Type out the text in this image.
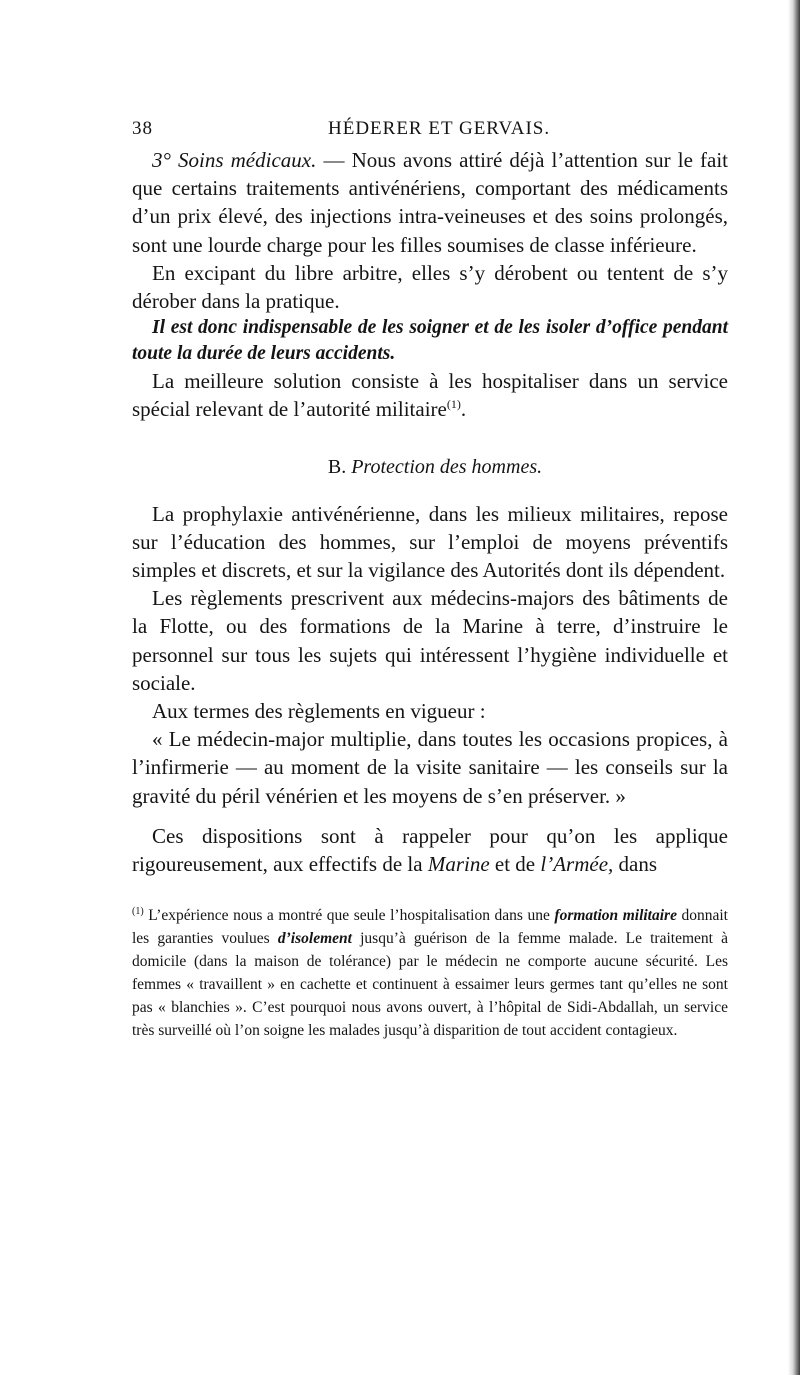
38	HÉDERER ET GERVAIS.

3° Soins médicaux. — Nous avons attiré déjà l’attention sur le fait que certains traitements antivénériens, comportant des médicaments d’un prix élevé, des injections intra-veineuses et des soins prolongés, sont une lourde charge pour les filles soumises de classe inférieure.

En excipant du libre arbitre, elles s’y dérobent ou tentent de s’y dérober dans la pratique.

Il est donc indispensable de les soigner et de les isoler d’office pendant toute la durée de leurs accidents.

La meilleure solution consiste à les hospitaliser dans un service spécial relevant de l’autorité militaire$^{(1)}$.

B. Protection des hommes.

La prophylaxie antivénérienne, dans les milieux militaires, repose sur l’éducation des hommes, sur l’emploi de moyens préventifs simples et discrets, et sur la vigilance des Autorités dont ils dépendent.

Les règlements prescrivent aux médecins-majors des bâtiments de la Flotte, ou des formations de la Marine à terre, d’instruire le personnel sur tous les sujets qui intéressent l’hygiène individuelle et sociale.

Aux termes des règlements en vigueur :

« Le médecin-major multiplie, dans toutes les occasions propices, à l’infirmerie — au moment de la visite sanitaire — les conseils sur la gravité du péril vénérien et les moyens de s’en préserver. »

Ces dispositions sont à rappeler pour qu’on les applique rigoureusement, aux effectifs de la Marine et de l’Armée, dans

$^{(1)}$ L’expérience nous a montré que seule l’hospitalisation dans une formation militaire donnait les garanties voulues d’isolement jusqu’à guérison de la femme malade. Le traitement à domicile (dans la maison de tolérance) par le médecin ne comporte aucune sécurité. Les femmes « travaillent » en cachette et continuent à essaimer leurs germes tant qu’elles ne sont pas « blanchies ». C’est pourquoi nous avons ouvert, à l’hôpital de Sidi-Abdallah, un service très surveillé où l’on soigne les malades jusqu’à disparition de tout accident contagieux.
